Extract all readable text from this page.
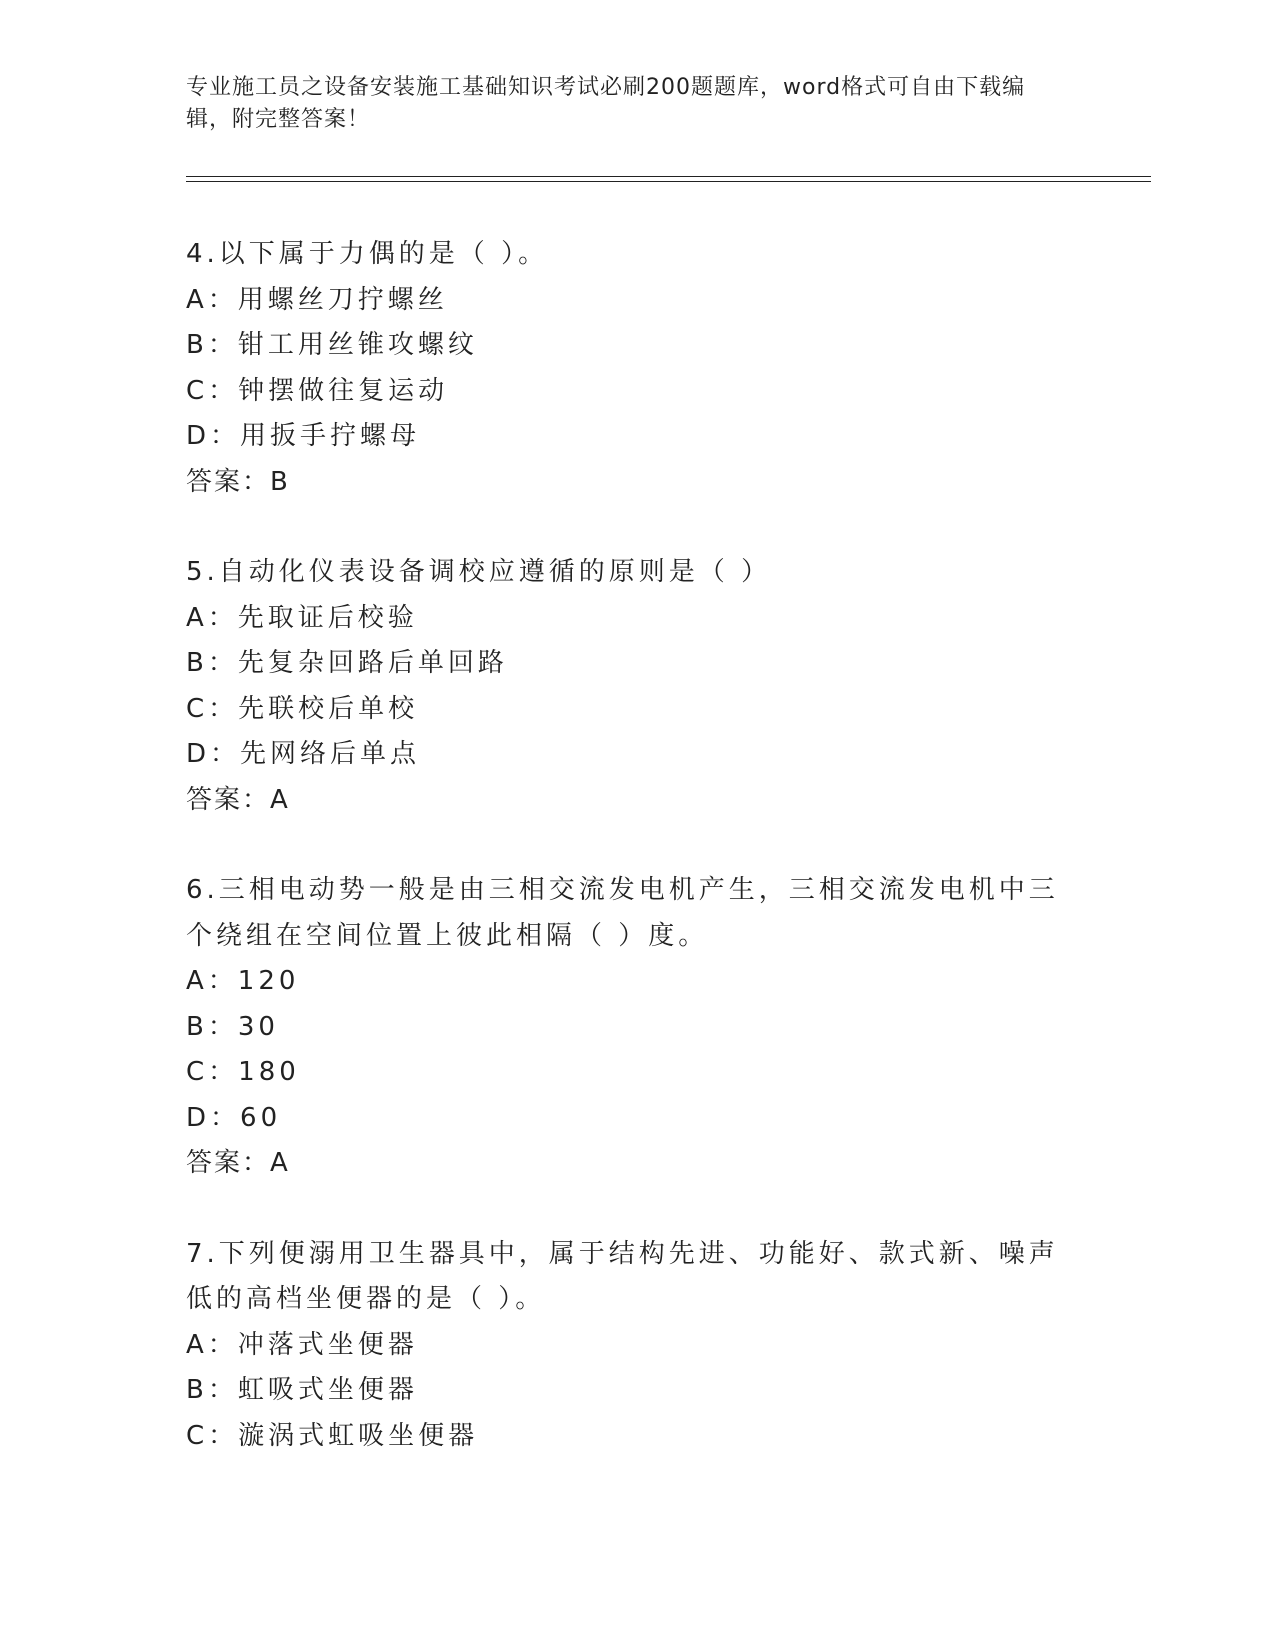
专业施工员之设备安装施工基础知识考试必刷200题题库，word格式可自由下载编辑，附完整答案！
4.以下属于力偶的是（ ）。
A：用螺丝刀拧螺丝
B：钳工用丝锥攻螺纹
C：钟摆做往复运动
D：用扳手拧螺母
答案：B
5.自动化仪表设备调校应遵循的原则是（ ）
A：先取证后校验
B：先复杂回路后单回路
C：先联校后单校
D：先网络后单点
答案：A
6.三相电动势一般是由三相交流发电机产生，三相交流发电机中三个绕组在空间位置上彼此相隔（ ）度。
A：120
B：30
C：180
D：60
答案：A
7.下列便溺用卫生器具中，属于结构先进、功能好、款式新、噪声低的高档坐便器的是（ ）。
A：冲落式坐便器
B：虹吸式坐便器
C：漩涡式虹吸坐便器
